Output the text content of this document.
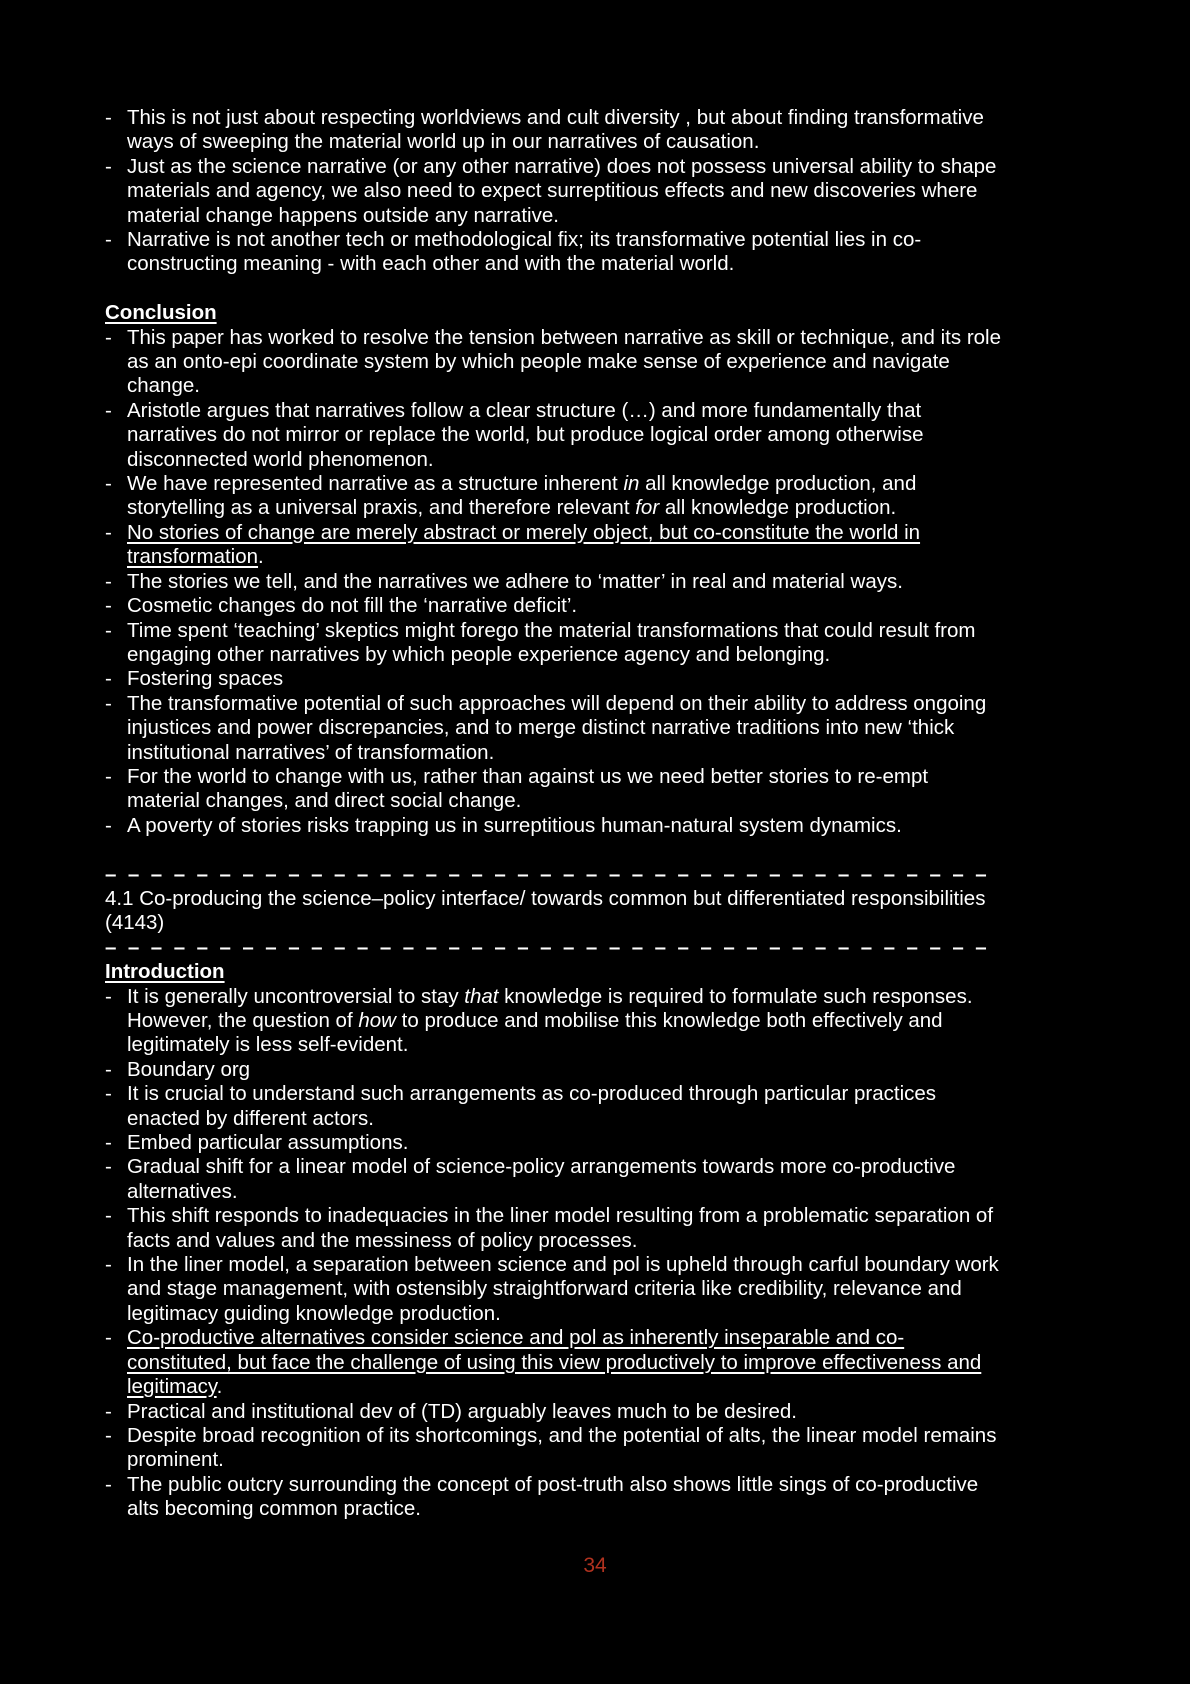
- This is not just about respecting worldviews and cult diversity , but about finding transformative ways of sweeping the material world up in our narratives of causation.
- Just as the science narrative (or any other narrative) does not possess universal ability to shape materials and agency, we also need to expect surreptitious effects and new discoveries where material change happens outside any narrative.
- Narrative is not another tech or methodological fix; its transformative potential lies in co-constructing meaning - with each other and with the material world.
Conclusion
- This paper has worked to resolve the tension between narrative as skill or technique, and its role as an onto-epi coordinate system by which people make sense of experience and navigate change.
- Aristotle argues that narratives follow a clear structure (…) and more fundamentally that narratives do not mirror or replace the world, but produce logical order among otherwise disconnected world phenomenon.
- We have represented narrative as a structure inherent in all knowledge production, and storytelling as a universal praxis, and therefore relevant for all knowledge production.
- No stories of change are merely abstract or merely object, but co-constitute the world in transformation.
- The stories we tell, and the narratives we adhere to ‘matter’ in real and material ways.
- Cosmetic changes do not fill the ‘narrative deficit’.
- Time spent ‘teaching’ skeptics might forego the material transformations that could result from engaging other narratives by which people experience agency and belonging.
- Fostering spaces
- The transformative potential of such approaches will depend on their ability to address ongoing injustices and power discrepancies, and to merge distinct narrative traditions into new ‘thick institutional narratives’ of transformation.
- For the world to change with us, rather than against us we need better stories to re-empt material changes, and direct social change.
- A poverty of stories risks trapping us in surreptitious human-natural system dynamics.
–––––––––––––––––––––––––––––––––––––––
4.1 Co-producing the science–policy interface/ towards common but differentiated responsibilities (4143)
–––––––––––––––––––––––––––––––––––––––
Introduction
- It is generally uncontroversial to stay that knowledge is required to formulate such responses. However, the question of how to produce and mobilise this knowledge both effectively and legitimately is less self-evident.
- Boundary org
- It is crucial to understand such arrangements as co-produced through particular practices enacted by different actors.
- Embed particular assumptions.
- Gradual shift for a linear model of science-policy arrangements towards more co-productive alternatives.
- This shift responds to inadequacies in the liner model resulting from a problematic separation of facts and values and the messiness of policy processes.
- In the liner model, a separation between science and pol is upheld through carful boundary work and stage management, with ostensibly straightforward criteria like credibility, relevance and legitimacy guiding knowledge production.
- Co-productive alternatives consider science and pol as inherently inseparable and co-constituted, but face the challenge of using this view productively to improve effectiveness and legitimacy.
- Practical and institutional dev of (TD) arguably leaves much to be desired.
- Despite broad recognition of its shortcomings, and the potential of alts, the linear model remains prominent.
- The public outcry surrounding the concept of post-truth also shows little sings of co-productive alts becoming common practice.
34
